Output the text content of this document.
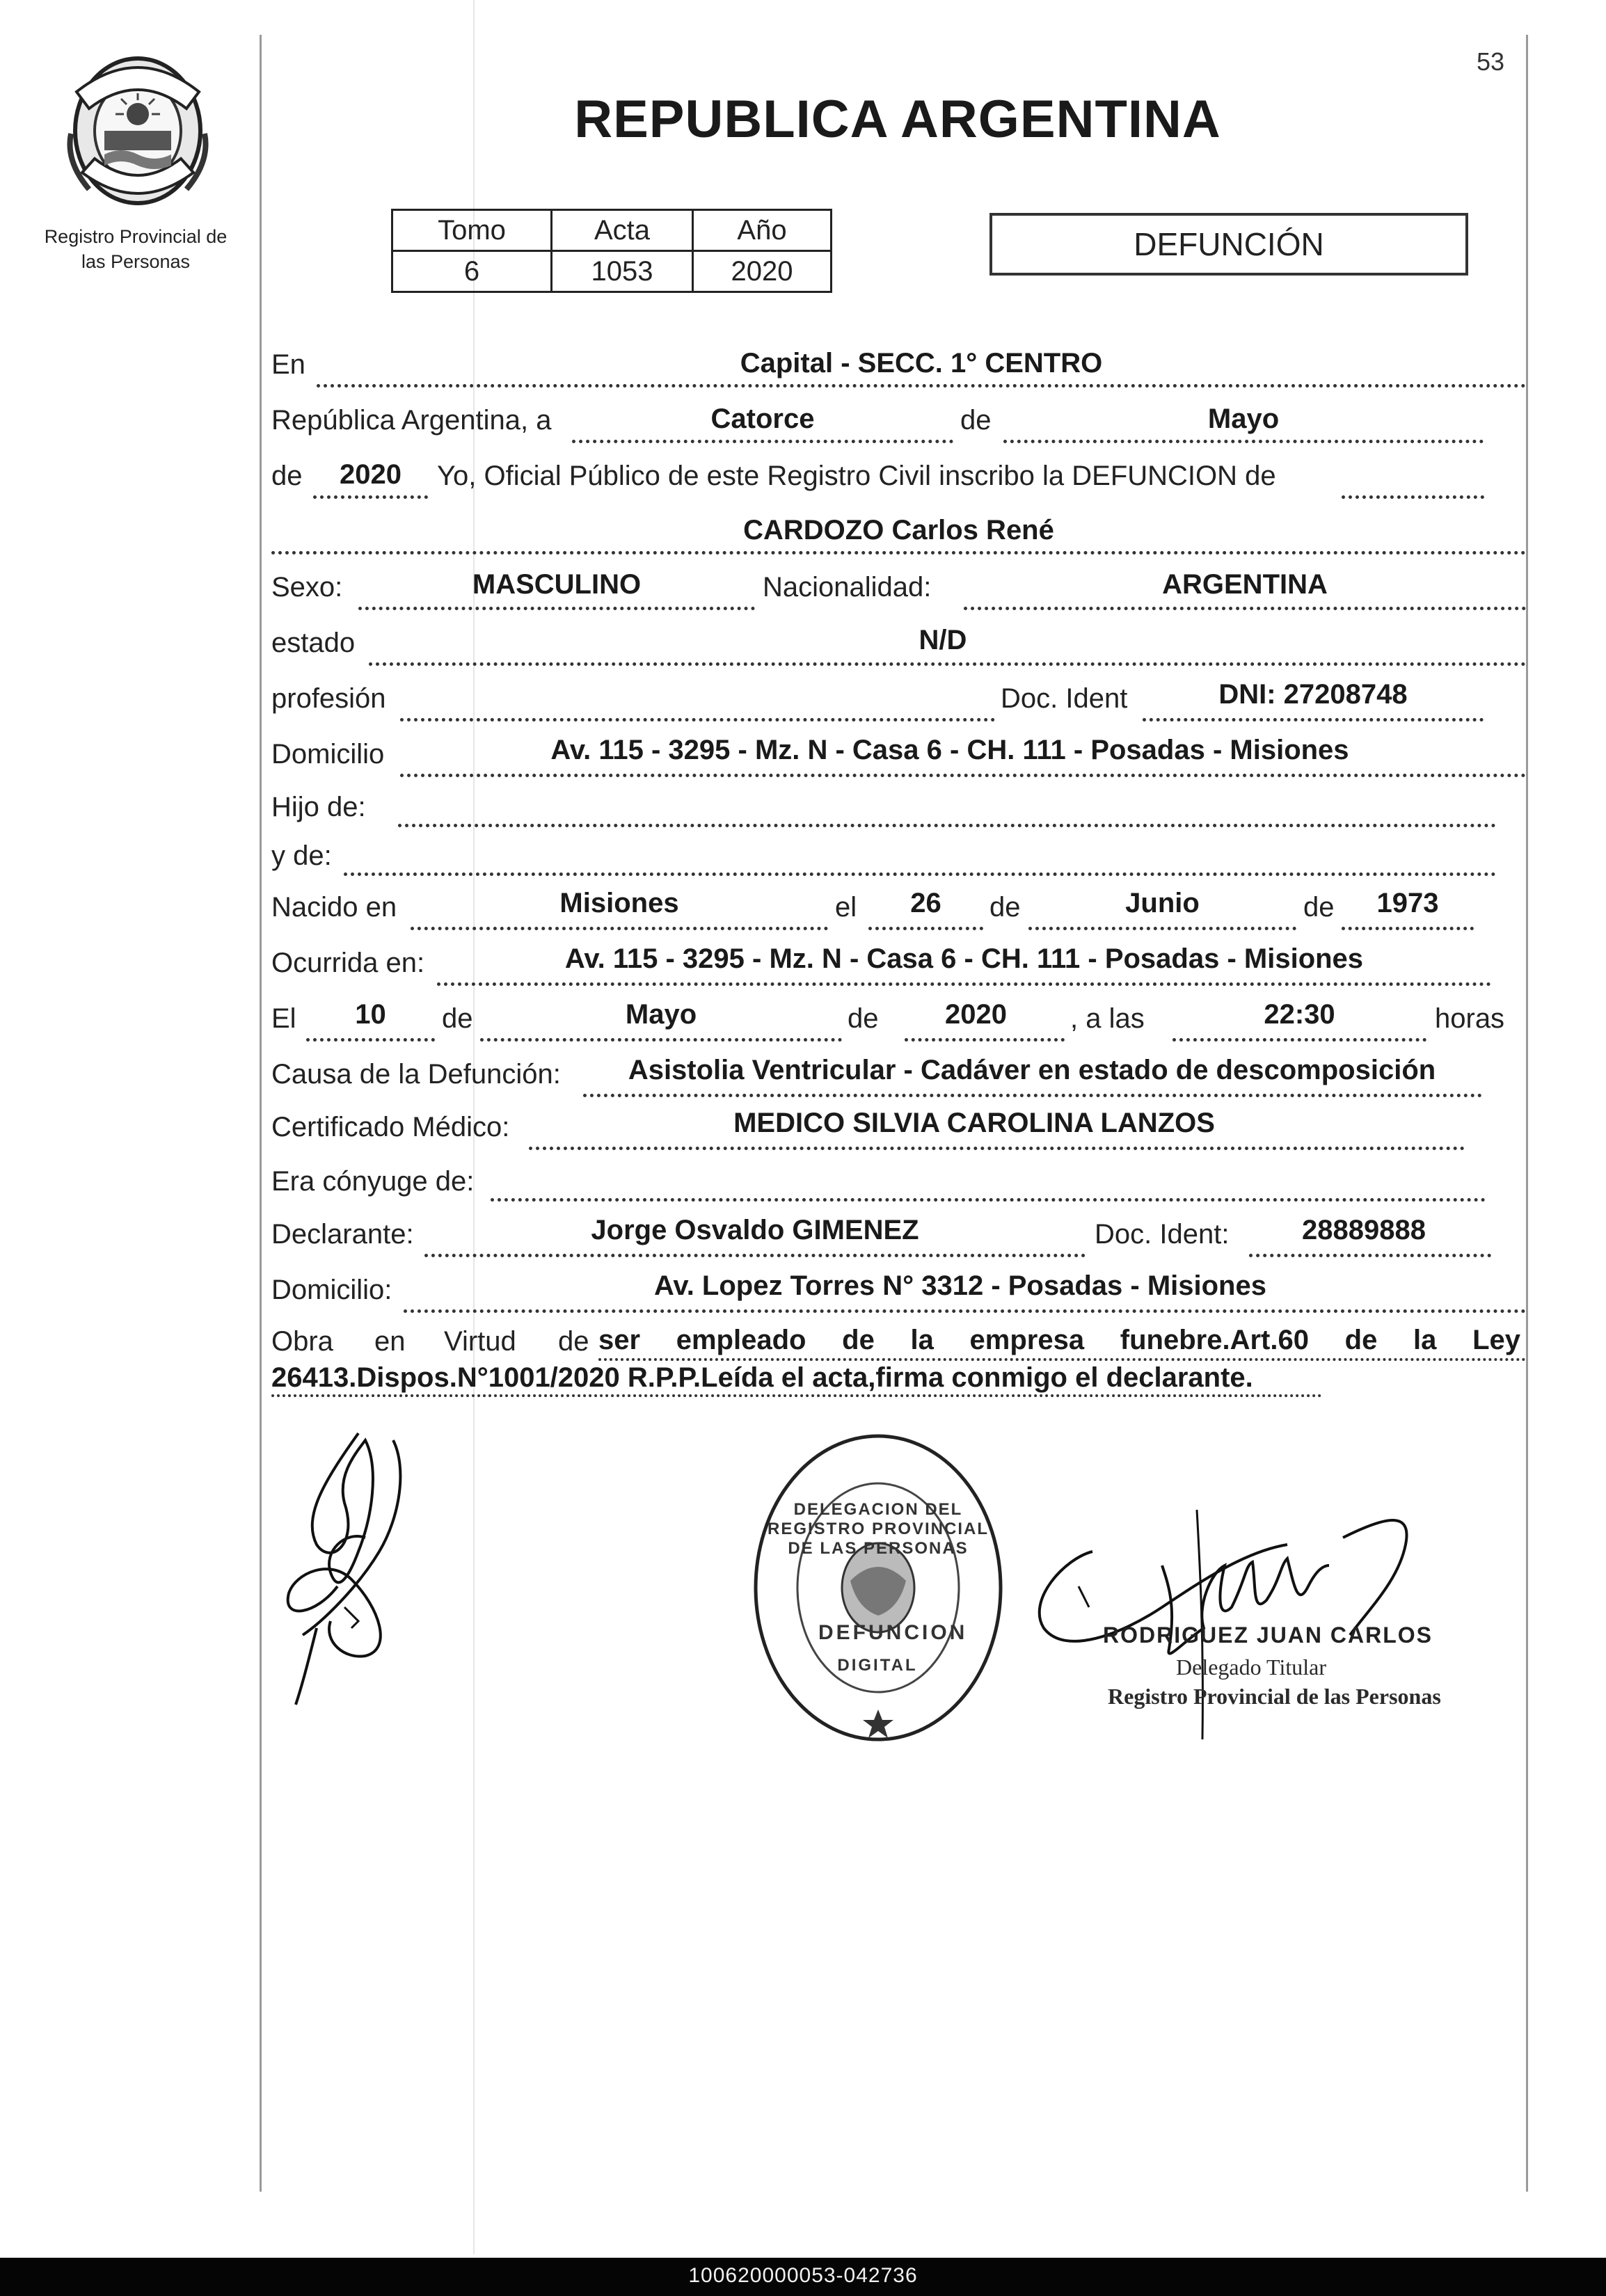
53
Registro Provincial de
las Personas
REPUBLICA ARGENTINA
Tomo	Acta	Año
6	1053	2020
DEFUNCIÓN
En	Capital - SECC. 1° CENTRO
República Argentina, a	Catorce	de	Mayo
de	2020	Yo, Oficial Público de este Registro Civil inscribo la DEFUNCION de
CARDOZO Carlos René
Sexo:	MASCULINO	Nacionalidad:	ARGENTINA
estado	N/D
profesión	Doc. Ident	DNI: 27208748
Domicilio	Av. 115 - 3295 - Mz. N - Casa 6 - CH. 111 - Posadas - Misiones
Hijo de:
y de:
Nacido en	Misiones	el	26	de	Junio	de	1973
Ocurrida en:	Av. 115 - 3295 - Mz. N - Casa 6 - CH. 111 - Posadas - Misiones
El	10	de	Mayo	de	2020	, a las	22:30	horas
Causa de la Defunción:	Asistolia Ventricular - Cadáver en estado de descomposición
Certificado Médico:	MEDICO SILVIA CAROLINA LANZOS
Era cónyuge de:
Declarante:	Jorge Osvaldo GIMENEZ	Doc. Ident:	28889888
Domicilio:	Av. Lopez Torres N° 3312 - Posadas - Misiones
Obra en Virtud de ser empleado de la empresa funebre.Art.60 de la Ley
26413.Dispos.N°1001/2020 R.P.P.Leída el acta,firma conmigo el declarante.
DELEGACION DEL REGISTRO PROVINCIAL DE LAS PERSONAS
DEFUNCION
DIGITAL
RODRIGUEZ JUAN CARLOS
Delegado Titular
Registro Provincial de las Personas
100620000053-042736
